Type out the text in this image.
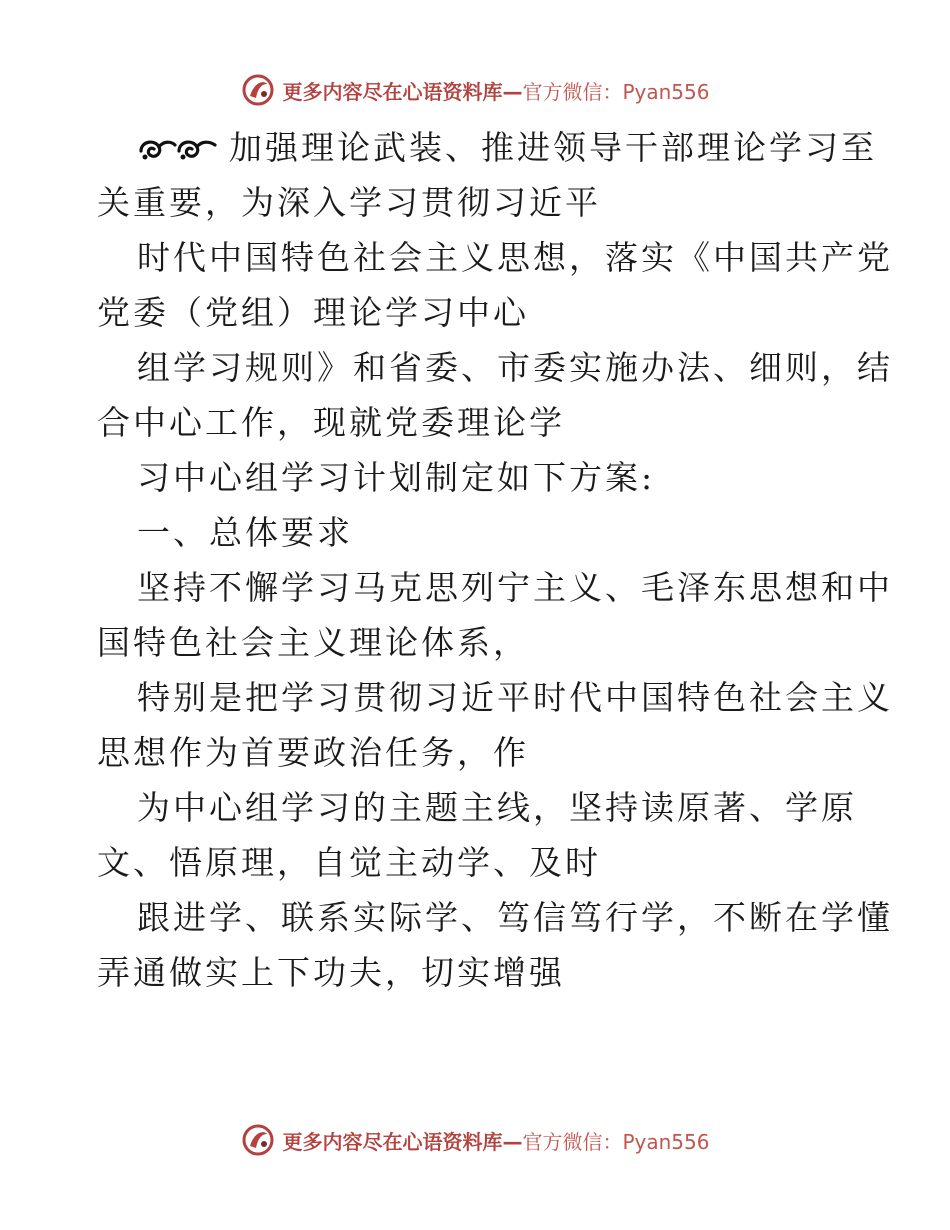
更多内容尽在心语资料库—官方微信：Pyan556
加强理论武装、推进领导干部理论学习至
关重要，为深入学习贯彻习近平
时代中国特色社会主义思想，落实《中国共产党
党委（党组）理论学习中心
组学习规则》和省委、市委实施办法、细则，结
合中心工作，现就党委理论学
习中心组学习计划制定如下方案:
一、总体要求
坚持不懈学习马克思列宁主义、毛泽东思想和中
国特色社会主义理论体系，
特别是把学习贯彻习近平时代中国特色社会主义
思想作为首要政治任务，作
为中心组学习的主题主线，坚持读原著、学原
文、悟原理，自觉主动学、及时
跟进学、联系实际学、笃信笃行学，不断在学懂
弄通做实上下功夫，切实增强
更多内容尽在心语资料库—官方微信：Pyan556
